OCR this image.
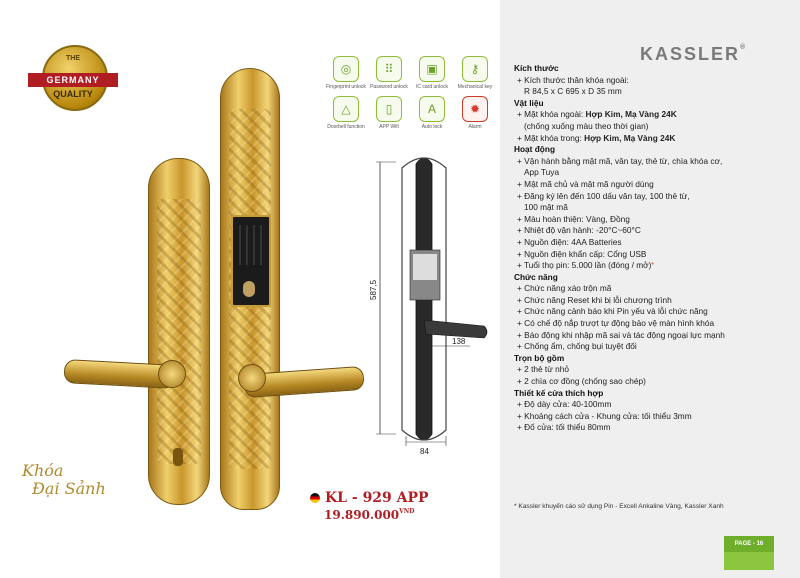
THE
GERMANY
QUALITY
Khóa
Đại Sảnh
◎
Fingerprint unlock
⠿
Password unlock
▣
IC card unlock
⚷
Mechanical key
△
Doorbell function
▯
APP Wifi
A
Auto lock
✹
Alarm
587,5
138
84
KL - 929 APP
$19.890.000^{VND}$
KASSLER®
Kích thước
+ Kích thước thân khóa ngoài:
R 84,5 x C 695 x D 35 mm
Vật liệu
+ Mặt khóa ngoài: Hợp Kim, Mạ Vàng 24K
(chống xuống màu theo thời gian)
+ Mặt khóa trong: Hợp Kim, Mạ Vàng 24K
Hoạt động
+ Vận hành bằng mật mã, vân tay, thẻ từ, chìa khóa cơ,
App Tuya
+ Mật mã chủ và mật mã người dùng
+ Đăng ký lên đến 100 dấu vân tay, 100 thẻ từ,
100 mật mã
+ Màu hoàn thiện: Vàng, Đồng
+ Nhiệt độ vận hành: -20°C~60°C
+ Nguồn điện: 4AA Batteries
+ Nguồn điện khẩn cấp: Cổng USB
+ Tuổi thọ pin: 5.000 lần (đóng / mở)*
Chức năng
+ Chức năng xáo trộn mã
+ Chức năng Reset khi bị lỗi chương trình
+ Chức năng cảnh báo khi Pin yếu và lỗi chức năng
+ Có chế độ nắp trượt tự động bảo vệ màn hình khóa
+ Báo động khi nhập mã sai và tác động ngoại lực mạnh
+ Chống ẩm, chống bụi tuyệt đối
Trọn bộ gồm
+ 2 thẻ từ nhỏ
+ 2 chìa cơ đồng (chống sao chép)
Thiết kế cửa thích hợp
+ Độ dày cửa: 40-100mm
+ Khoảng cách cửa - Khung cửa: tối thiểu 3mm
+ Đố cửa: tối thiểu 80mm
* Kassler khuyến cáo sử dụng Pin - Excell Ankaline Vàng, Kassler Xanh
PAGE - 16
